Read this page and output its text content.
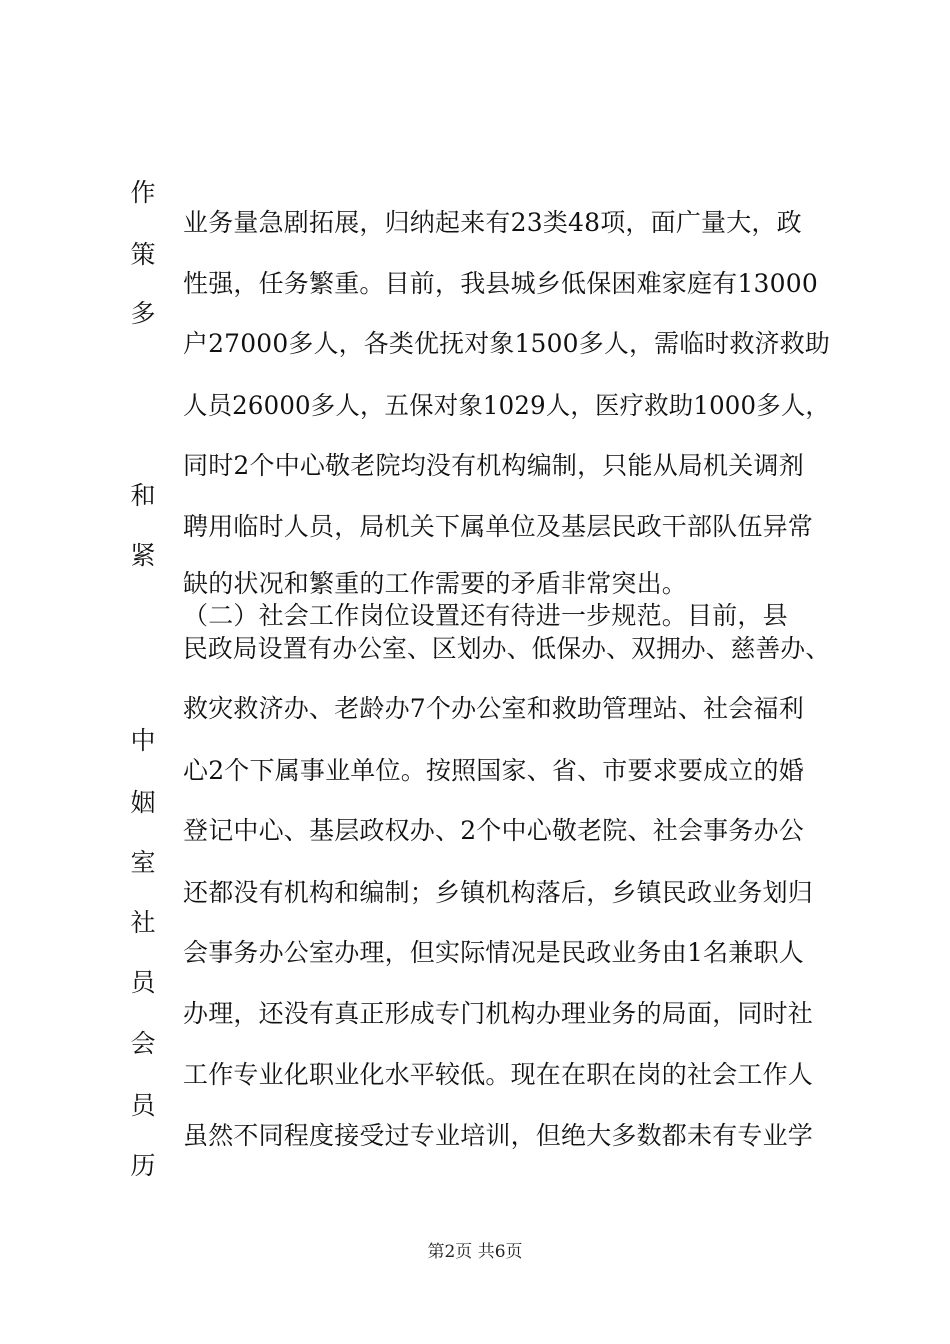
作
策
多
和
紧
中
姻
室
社
员
会
员
历
业务量急剧拓展，归纳起来有23类48项，面广量大，政
性强，任务繁重。目前，我县城乡低保困难家庭有13000
户27000多人，各类优抚对象1500多人，需临时救济救助
人员26000多人，五保对象1029人，医疗救助1000多人，
同时2个中心敬老院均没有机构编制，只能从局机关调剂
聘用临时人员，局机关下属单位及基层民政干部队伍异常
缺的状况和繁重的工作需要的矛盾非常突出。
（二）社会工作岗位设置还有待进一步规范。目前，县
民政局设置有办公室、区划办、低保办、双拥办、慈善办、
救灾救济办、老龄办7个办公室和救助管理站、社会福利
心2个下属事业单位。按照国家、省、市要求要成立的婚
登记中心、基层政权办、2个中心敬老院、社会事务办公
还都没有机构和编制；乡镇机构落后，乡镇民政业务划归
会事务办公室办理，但实际情况是民政业务由1名兼职人
办理，还没有真正形成专门机构办理业务的局面，同时社
工作专业化职业化水平较低。现在在职在岗的社会工作人
虽然不同程度接受过专业培训，但绝大多数都未有专业学
第2页 共6页
